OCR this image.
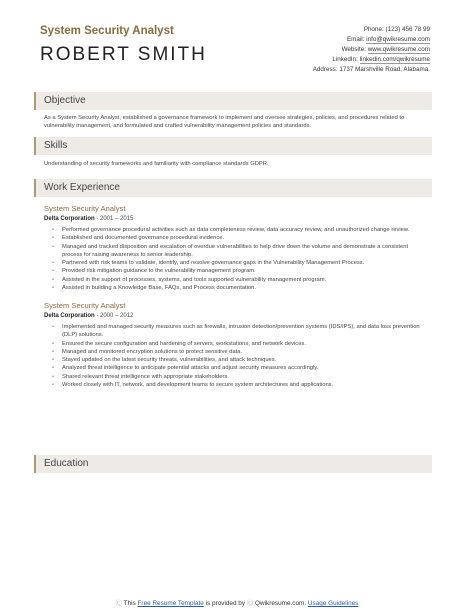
System Security Analyst
ROBERT SMITH
Phone: (123) 456 78 99
Email: info@qwikresume.com
Website: www.qwikresume.com
LinkedIn: linkedin.com/qwikresume
Address: 1737 Marshville Road, Alabama.
Objective
As a System Security Analyst, established a governance framework to implement and oversee strategies, policies, and procedures related to vulnerability management, and formulated and crafted vulnerability management policies and standards.
Skills
Understanding of security frameworks and familiarity with compliance standards GDPR.
Work Experience
System Security Analyst
Delta Corporation - 2001 – 2015
• Performed governance procedural activities such as data completeness review, data accuracy review, and unauthorized change review.
• Established and documented governance procedural evidence.
• Managed and tracked disposition and escalation of overdue vulnerabilities to help drive down the volume and demonstrate a consistent process for raising awareness to senior leadership.
• Partnered with risk teams to validate, identify, and resolve governance gaps in the Vulnerability Management Process.
• Provided risk mitigation guidance to the vulnerability management program.
• Assisted in the support of processes, systems, and tools supported vulnerability management program.
• Assisted in building a Knowledge Base, FAQs, and Process documentation.
System Security Analyst
Delta Corporation - 2000 – 2012
• Implemented and managed security measures such as firewalls, intrusion detection/prevention systems (IDS/IPS), and data loss prevention (DLP) solutions.
• Ensured the secure configuration and hardening of servers, workstations, and network devices.
• Managed and monitored encryption solutions to protect sensitive data.
• Stayed updated on the latest security threats, vulnerabilities, and attack techniques.
• Analyzed threat intelligence to anticipate potential attacks and adjust security measures accordingly.
• Shared relevant threat intelligence with appropriate stakeholders.
• Worked closely with IT, network, and development teams to secure system architectures and applications.
Education
Ⓒ This Free Resume Template is provided by Ⓒ Qwikresume.com. Usage Guidelines
